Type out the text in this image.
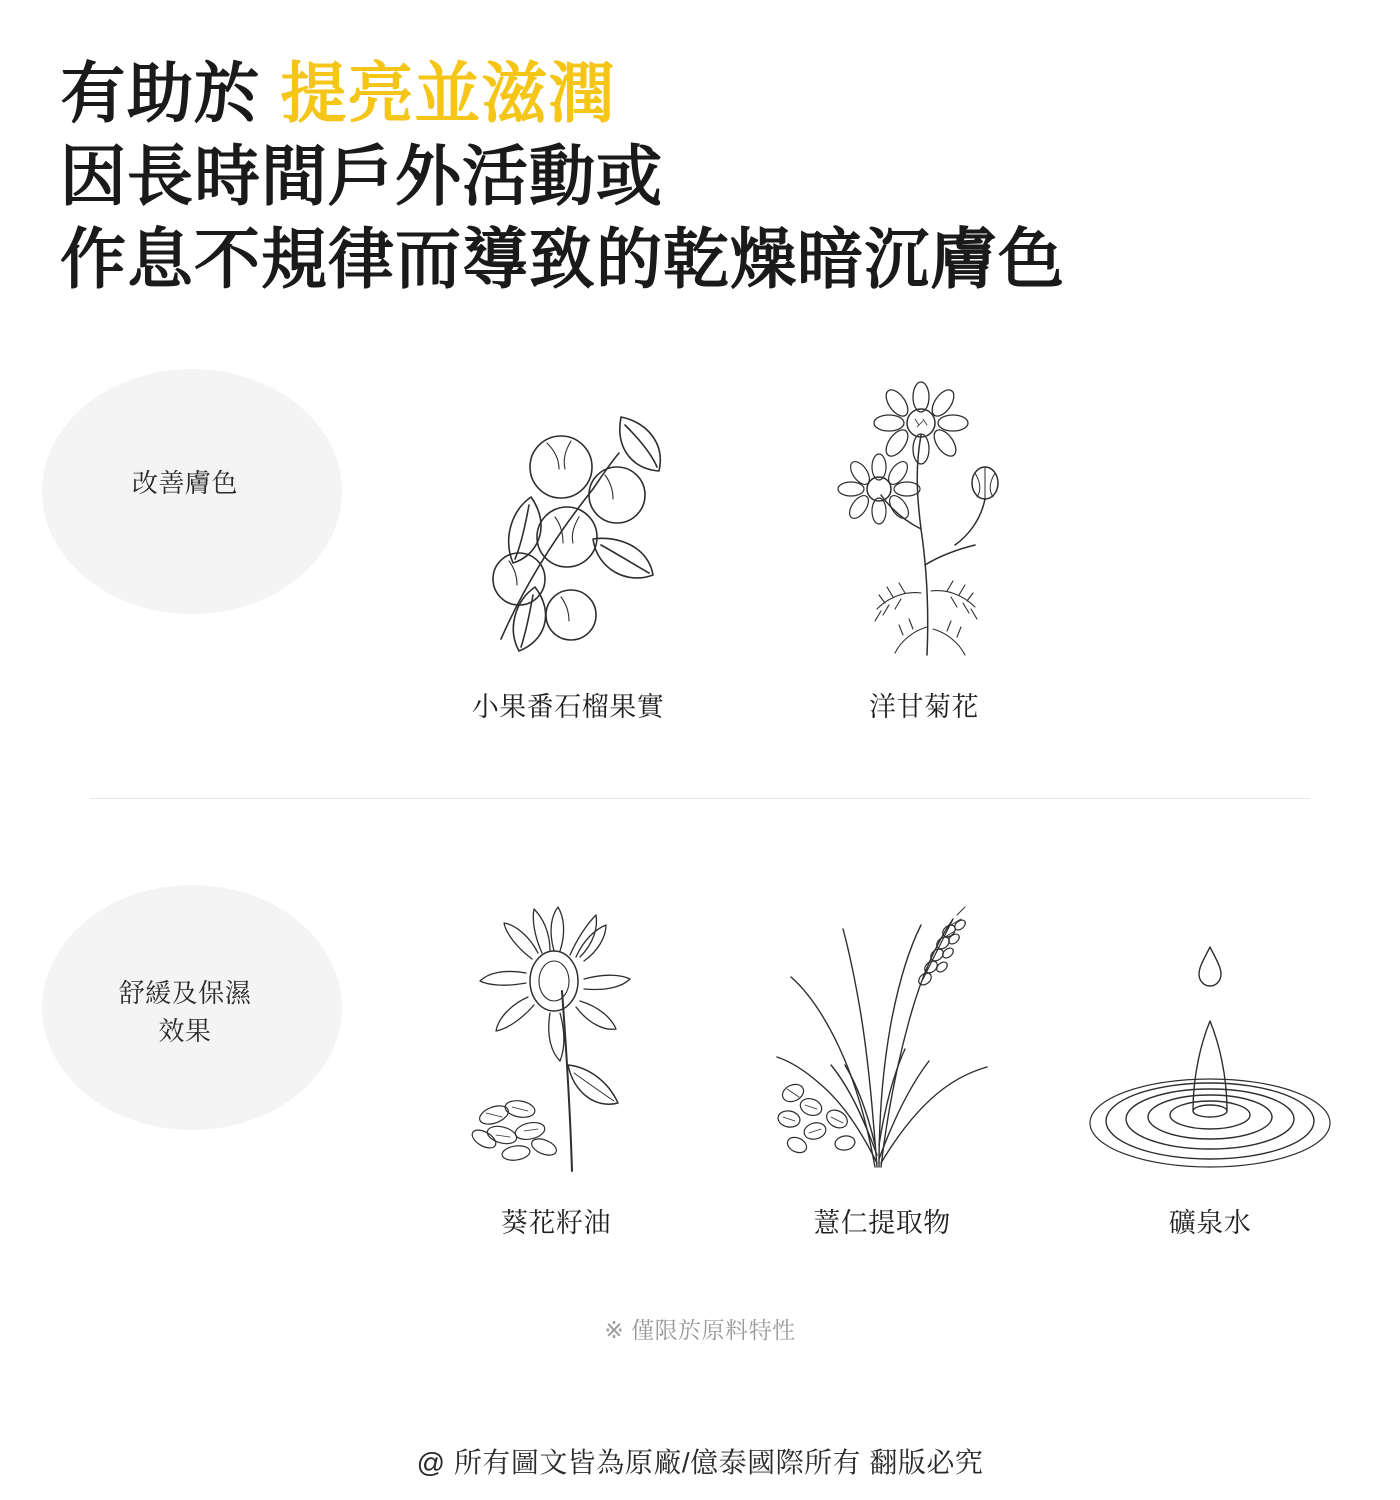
有助於 提亮並滋潤
因長時間戶外活動或
作息不規律而導致的乾燥暗沉膚色
改善膚色
小果番石榴果實	洋甘菊花
舒緩及保濕
效果
葵花籽油	薏仁提取物	礦泉水
※ 僅限於原料特性
@ 所有圖文皆為原廠/億泰國際所有 翻版必究
